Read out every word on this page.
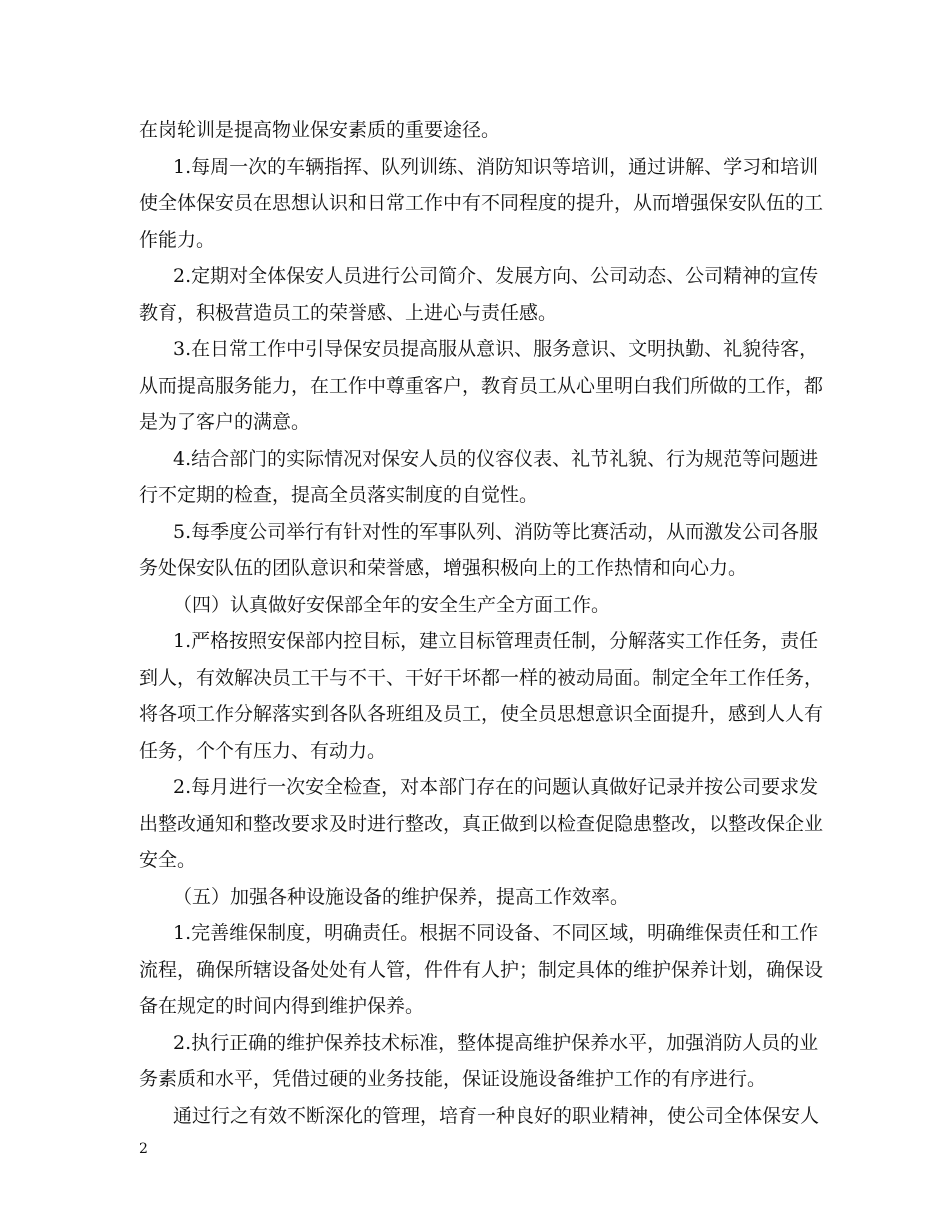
在岗轮训是提高物业保安素质的重要途径。
1.每周一次的车辆指挥、队列训练、消防知识等培训，通过讲解、学习和培训
使全体保安员在思想认识和日常工作中有不同程度的提升，从而增强保安队伍的工
作能力。
2.定期对全体保安人员进行公司简介、发展方向、公司动态、公司精神的宣传
教育，积极营造员工的荣誉感、上进心与责任感。
3.在日常工作中引导保安员提高服从意识、服务意识、文明执勤、礼貌待客，
从而提高服务能力，在工作中尊重客户，教育员工从心里明白我们所做的工作，都
是为了客户的满意。
4.结合部门的实际情况对保安人员的仪容仪表、礼节礼貌、行为规范等问题进
行不定期的检查，提高全员落实制度的自觉性。
5.每季度公司举行有针对性的军事队列、消防等比赛活动，从而激发公司各服
务处保安队伍的团队意识和荣誉感，增强积极向上的工作热情和向心力。
（四）认真做好安保部全年的安全生产全方面工作。
1.严格按照安保部内控目标，建立目标管理责任制，分解落实工作任务，责任
到人，有效解决员工干与不干、干好干坏都一样的被动局面。制定全年工作任务，
将各项工作分解落实到各队各班组及员工，使全员思想意识全面提升，感到人人有
任务，个个有压力、有动力。
2.每月进行一次安全检查，对本部门存在的问题认真做好记录并按公司要求发
出整改通知和整改要求及时进行整改，真正做到以检查促隐患整改，以整改保企业
安全。
（五）加强各种设施设备的维护保养，提高工作效率。
1.完善维保制度，明确责任。根据不同设备、不同区域，明确维保责任和工作
流程，确保所辖设备处处有人管，件件有人护；制定具体的维护保养计划，确保设
备在规定的时间内得到维护保养。
2.执行正确的维护保养技术标准，整体提高维护保养水平，加强消防人员的业
务素质和水平，凭借过硬的业务技能，保证设施设备维护工作的有序进行。
通过行之有效不断深化的管理，培育一种良好的职业精神，使公司全体保安人
2
